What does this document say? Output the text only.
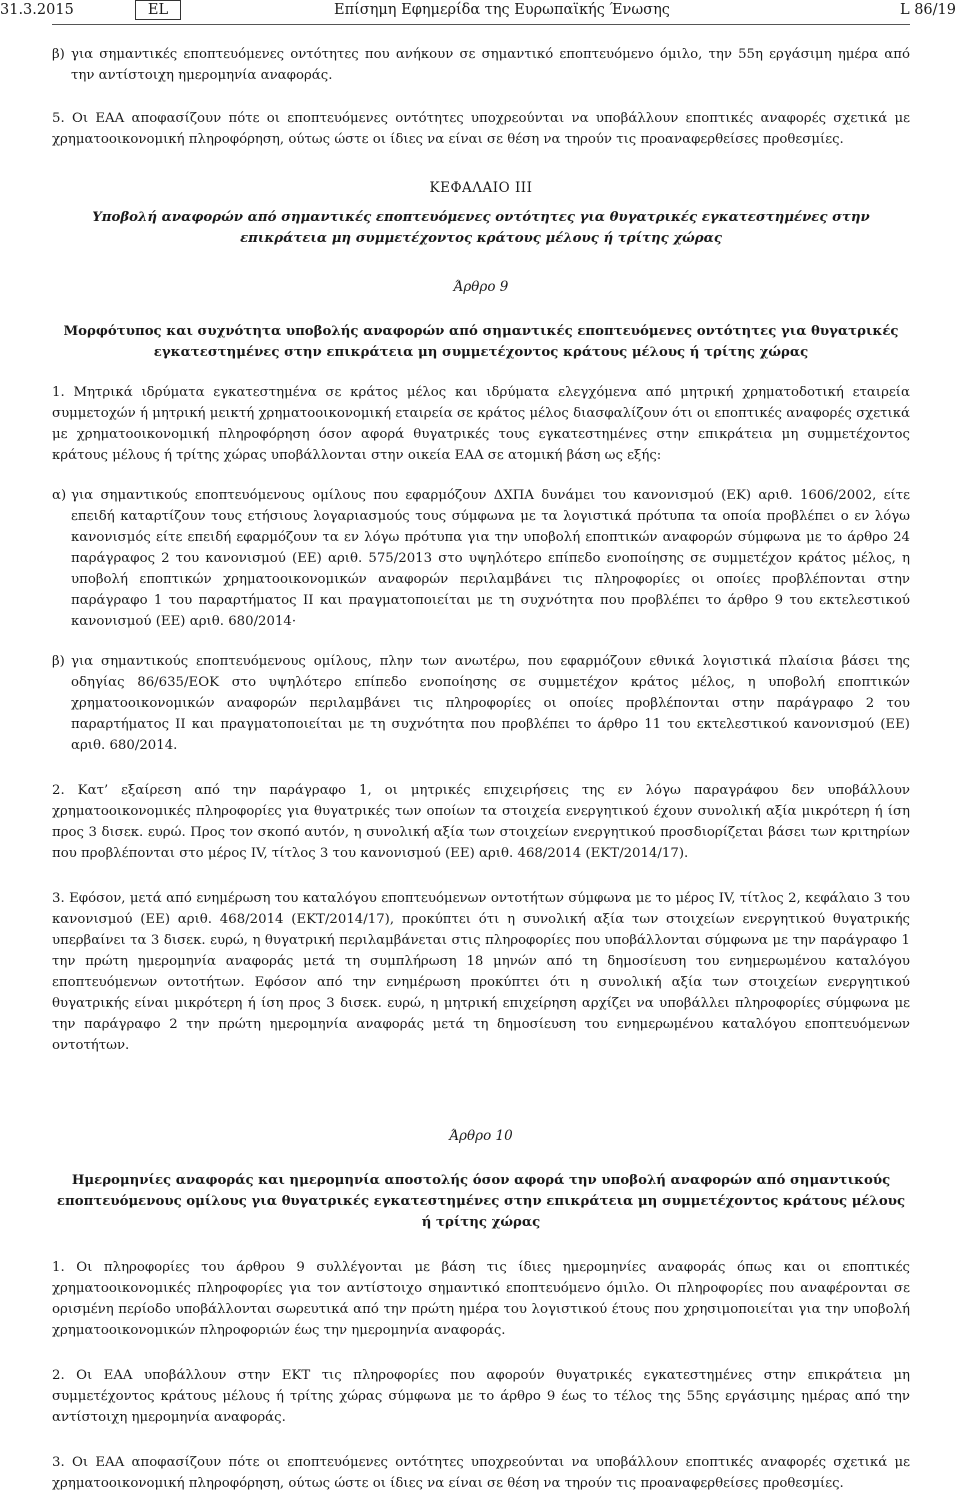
31.3.2015	EL	Επίσημη Εφημερίδα της Ευρωπαϊκής Ένωσης	L 86/19
β) για σημαντικές εποπτευόμενες οντότητες που ανήκουν σε σημαντικό εποπτευόμενο όμιλο, την 55η εργάσιμη ημέρα από την αντίστοιχη ημερομηνία αναφοράς.

5. Οι ΕΑΑ αποφασίζουν πότε οι εποπτευόμενες οντότητες υποχρεούνται να υποβάλλουν εποπτικές αναφορές σχετικά με χρηματοοικονομική πληροφόρηση, ούτως ώστε οι ίδιες να είναι σε θέση να τηρούν τις προαναφερθείσες προθεσμίες.

ΚΕΦΑΛΑΙΟ III

Υποβολή αναφορών από σημαντικές εποπτευόμενες οντότητες για θυγατρικές εγκατεστημένες στην επικράτεια μη συμμετέχοντος κράτους μέλους ή τρίτης χώρας

Άρθρο 9

Μορφότυπος και συχνότητα υποβολής αναφορών από σημαντικές εποπτευόμενες οντότητες για θυγατρικές εγκατεστημένες στην επικράτεια μη συμμετέχοντος κράτους μέλους ή τρίτης χώρας

1. Μητρικά ιδρύματα εγκατεστημένα σε κράτος μέλος και ιδρύματα ελεγχόμενα από μητρική χρηματοδοτική εταιρεία συμμετοχών ή μητρική μεικτή χρηματοοικονομική εταιρεία σε κράτος μέλος διασφαλίζουν ότι οι εποπτικές αναφορές σχετικά με χρηματοοικονομική πληροφόρηση όσον αφορά θυγατρικές τους εγκατεστημένες στην επικράτεια μη συμμετέχοντος κράτους μέλους ή τρίτης χώρας υποβάλλονται στην οικεία ΕΑΑ σε ατομική βάση ως εξής:

α) για σημαντικούς εποπτευόμενους ομίλους που εφαρμόζουν ΔΧΠΑ δυνάμει του κανονισμού (ΕΚ) αριθ. 1606/2002, είτε επειδή καταρτίζουν τους ετήσιους λογαριασμούς τους σύμφωνα με τα λογιστικά πρότυπα τα οποία προβλέπει ο εν λόγω κανονισμός είτε επειδή εφαρμόζουν τα εν λόγω πρότυπα για την υποβολή εποπτικών αναφορών σύμφωνα με το άρθρο 24 παράγραφος 2 του κανονισμού (ΕΕ) αριθ. 575/2013 στο υψηλότερο επίπεδο ενοποίησης σε συμμετέχον κράτος μέλος, η υποβολή εποπτικών χρηματοοικονομικών αναφορών περιλαμβάνει τις πληροφορίες οι οποίες προβλέπονται στην παράγραφο 1 του παραρτήματος II και πραγματοποιείται με τη συχνότητα που προβλέπει το άρθρο 9 του εκτελεστικού κανονισμού (ΕΕ) αριθ. 680/2014·
β) για σημαντικούς εποπτευόμενους ομίλους, πλην των ανωτέρω, που εφαρμόζουν εθνικά λογιστικά πλαίσια βάσει της οδηγίας 86/635/ΕΟΚ στο υψηλότερο επίπεδο ενοποίησης σε συμμετέχον κράτος μέλος, η υποβολή εποπτικών χρηματοοικονομικών αναφορών περιλαμβάνει τις πληροφορίες οι οποίες προβλέπονται στην παράγραφο 2 του παραρτήματος II και πραγματοποιείται με τη συχνότητα που προβλέπει το άρθρο 11 του εκτελεστικού κανονισμού (ΕΕ) αριθ. 680/2014.

2. Κατ’ εξαίρεση από την παράγραφο 1, οι μητρικές επιχειρήσεις της εν λόγω παραγράφου δεν υποβάλλουν χρηματοοικονομικές πληροφορίες για θυγατρικές των οποίων τα στοιχεία ενεργητικού έχουν συνολική αξία μικρότερη ή ίση προς 3 δισεκ. ευρώ. Προς τον σκοπό αυτόν, η συνολική αξία των στοιχείων ενεργητικού προσδιορίζεται βάσει των κριτηρίων που προβλέπονται στο μέρος IV, τίτλος 3 του κανονισμού (ΕΕ) αριθ. 468/2014 (ΕΚΤ/2014/17).

3. Εφόσον, μετά από ενημέρωση του καταλόγου εποπτευόμενων οντοτήτων σύμφωνα με το μέρος IV, τίτλος 2, κεφάλαιο 3 του κανονισμού (ΕΕ) αριθ. 468/2014 (ΕΚΤ/2014/17), προκύπτει ότι η συνολική αξία των στοιχείων ενεργητικού θυγατρικής υπερβαίνει τα 3 δισεκ. ευρώ, η θυγατρική περιλαμβάνεται στις πληροφορίες που υποβάλλονται σύμφωνα με την παράγραφο 1 την πρώτη ημερομηνία αναφοράς μετά τη συμπλήρωση 18 μηνών από τη δημοσίευση του ενημερωμένου καταλόγου εποπτευόμενων οντοτήτων. Εφόσον από την ενημέρωση προκύπτει ότι η συνολική αξία των στοιχείων ενεργητικού θυγατρικής είναι μικρότερη ή ίση προς 3 δισεκ. ευρώ, η μητρική επιχείρηση αρχίζει να υποβάλλει πληροφορίες σύμφωνα με την παράγραφο 2 την πρώτη ημερομηνία αναφοράς μετά τη δημοσίευση του ενημερωμένου καταλόγου εποπτευόμενων οντοτήτων.

Άρθρο 10

Ημερομηνίες αναφοράς και ημερομηνία αποστολής όσον αφορά την υποβολή αναφορών από σημαντικούς εποπτευόμενους ομίλους για θυγατρικές εγκατεστημένες στην επικράτεια μη συμμετέχοντος κράτους μέλους ή τρίτης χώρας

1. Οι πληροφορίες του άρθρου 9 συλλέγονται με βάση τις ίδιες ημερομηνίες αναφοράς όπως και οι εποπτικές χρηματοοικονομικές πληροφορίες για τον αντίστοιχο σημαντικό εποπτευόμενο όμιλο. Οι πληροφορίες που αναφέρονται σε ορισμένη περίοδο υποβάλλονται σωρευτικά από την πρώτη ημέρα του λογιστικού έτους που χρησιμοποιείται για την υποβολή χρηματοοικονομικών πληροφοριών έως την ημερομηνία αναφοράς.

2. Οι ΕΑΑ υποβάλλουν στην ΕΚΤ τις πληροφορίες που αφορούν θυγατρικές εγκατεστημένες στην επικράτεια μη συμμετέχοντος κράτους μέλους ή τρίτης χώρας σύμφωνα με το άρθρο 9 έως το τέλος της 55ης εργάσιμης ημέρας από την αντίστοιχη ημερομηνία αναφοράς.

3. Οι ΕΑΑ αποφασίζουν πότε οι εποπτευόμενες οντότητες υποχρεούνται να υποβάλλουν εποπτικές αναφορές σχετικά με χρηματοοικονομική πληροφόρηση, ούτως ώστε οι ίδιες να είναι σε θέση να τηρούν τις προαναφερθείσες προθεσμίες.
